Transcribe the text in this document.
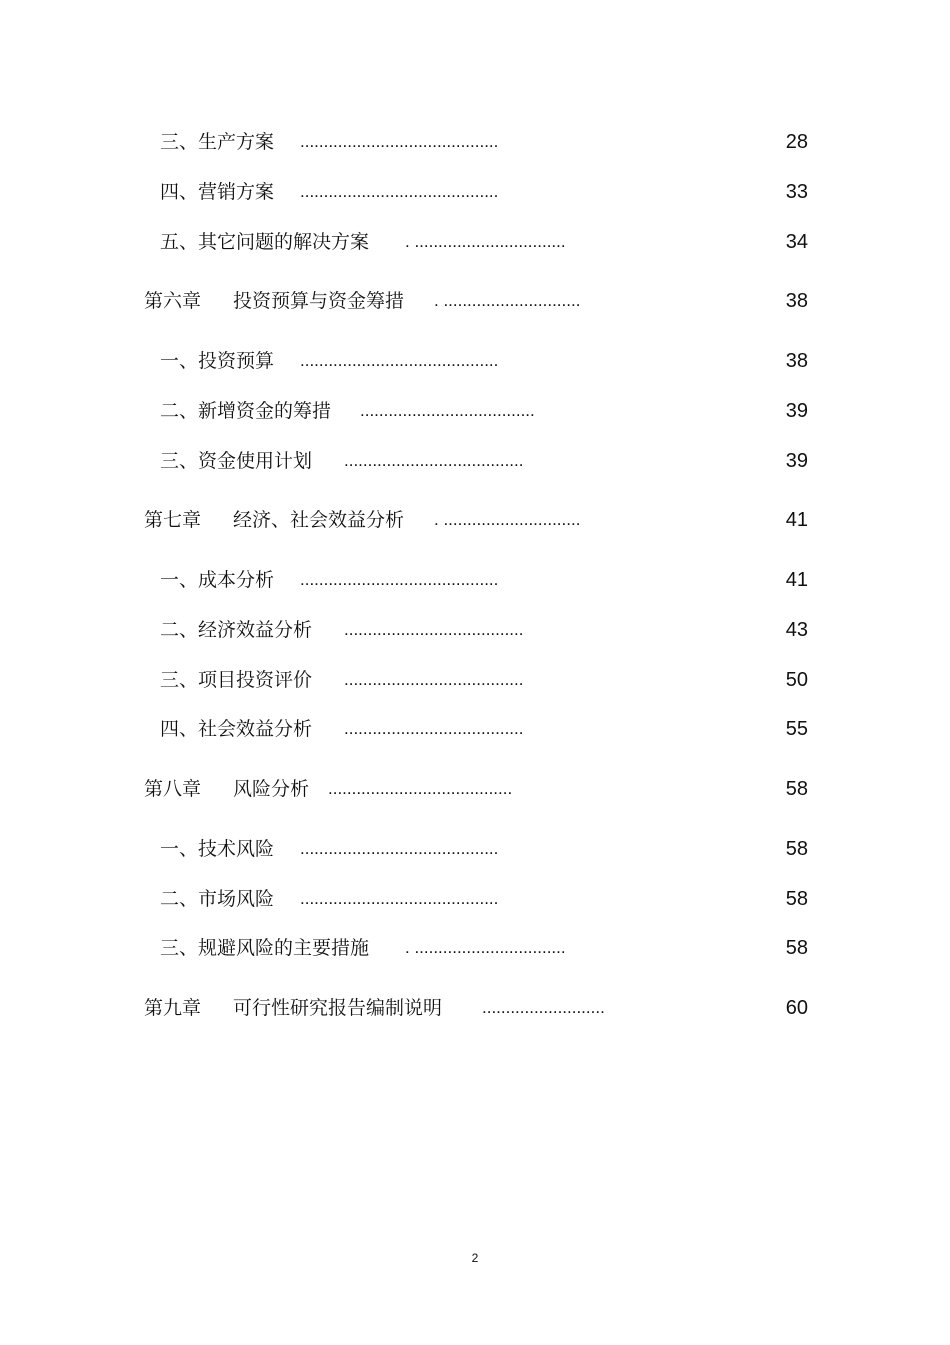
三、生产方案 ..........................................	28
四、营销方案 ..........................................	33
五、其它问题的解决方案 . ................................	34
第六章 投资预算与资金筹措 . .............................	38
一、投资预算 ..........................................	38
二、新增资金的筹措 .....................................	39
三、资金使用计划 ......................................	39
第七章 经济、社会效益分析 . .............................	41
一、成本分析 ..........................................	41
二、经济效益分析 ......................................	43
三、项目投资评价 ......................................	50
四、社会效益分析 ......................................	55
第八章 风险分析 .......................................	58
一、技术风险 ..........................................	58
二、市场风险 ..........................................	58
三、规避风险的主要措施 . ................................	58
第九章 可行性研究报告编制说明 ..........................	60
2
